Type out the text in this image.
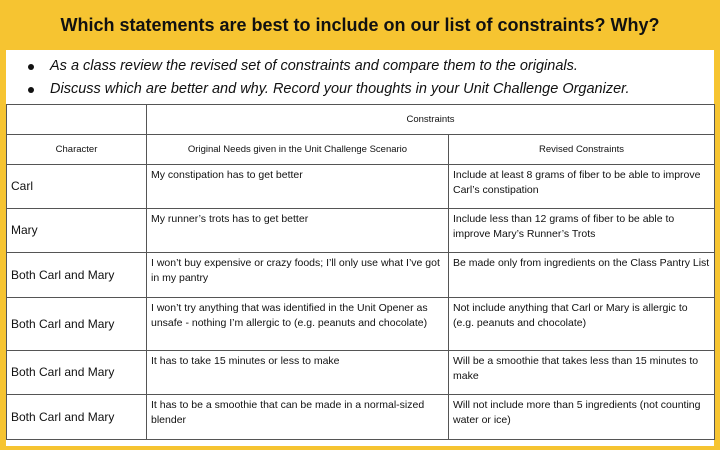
Which statements are best to include on our list of constraints? Why?
As a class review the revised set of constraints and compare them to the originals.
Discuss which are better and why. Record your thoughts in your Unit Challenge Organizer.
	Constraints	
Character	Original Needs given in the Unit Challenge Scenario	Revised Constraints
Carl	My constipation has to get better	Include at least 8 grams of fiber to be able to improve Carl’s constipation
Mary	My runner’s trots has to get better	Include less than 12 grams of fiber to be able to improve Mary’s Runner’s Trots
Both Carl and Mary	I won’t buy expensive or crazy foods; I’ll only use what I’ve got in my pantry	Be made only from ingredients on the Class Pantry List
Both Carl and Mary	I won’t try anything that was identified in the Unit Opener as unsafe - nothing I’m allergic to (e.g. peanuts and chocolate)	Not include anything that Carl or Mary is allergic to (e.g. peanuts and chocolate)
Both Carl and Mary	It has to take 15 minutes or less to make	Will be a smoothie that takes less than 15 minutes to make
Both Carl and Mary	It has to be a smoothie that can be made in a normal-sized blender	Will not include more than 5 ingredients (not counting water or ice)
